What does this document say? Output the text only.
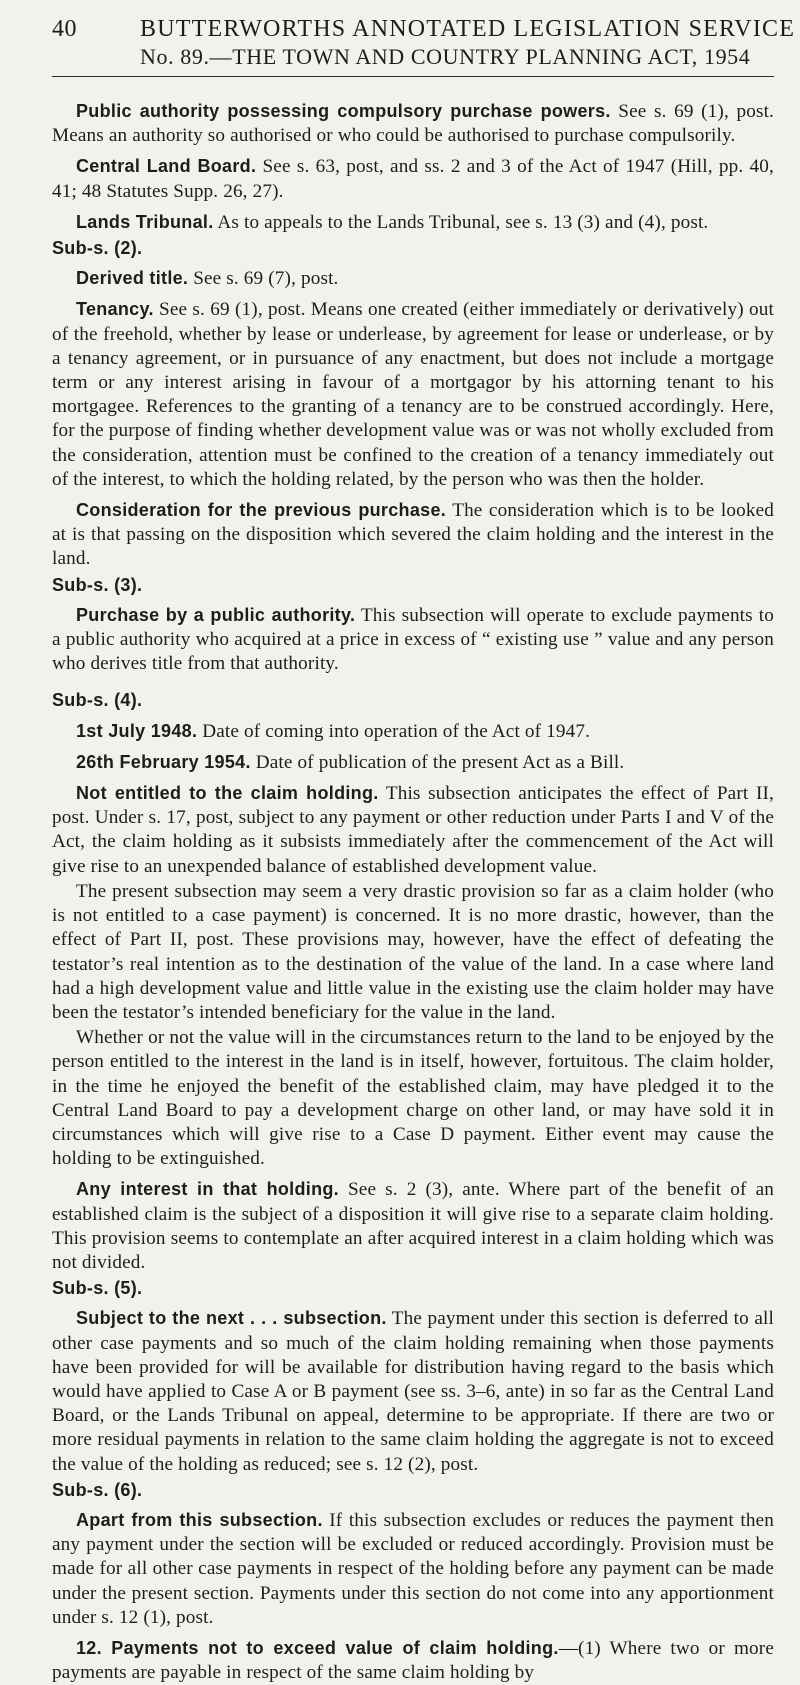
40	BUTTERWORTHS ANNOTATED LEGISLATION SERVICE
No. 89.—THE TOWN AND COUNTRY PLANNING ACT, 1954

Public authority possessing compulsory purchase powers. See s. 69 (1), post. Means an authority so authorised or who could be authorised to purchase compulsorily.

Central Land Board. See s. 63, post, and ss. 2 and 3 of the Act of 1947 (Hill, pp. 40, 41; 48 Statutes Supp. 26, 27).

Lands Tribunal. As to appeals to the Lands Tribunal, see s. 13 (3) and (4), post.

Sub-s. (2).

Derived title. See s. 69 (7), post.

Tenancy. See s. 69 (1), post. Means one created (either immediately or derivatively) out of the freehold, whether by lease or underlease, by agreement for lease or underlease, or by a tenancy agreement, or in pursuance of any enactment, but does not include a mortgage term or any interest arising in favour of a mortgagor by his attorning tenant to his mortgagee. References to the granting of a tenancy are to be construed accordingly. Here, for the purpose of finding whether development value was or was not wholly excluded from the consideration, attention must be confined to the creation of a tenancy immediately out of the interest, to which the holding related, by the person who was then the holder.

Consideration for the previous purchase. The consideration which is to be looked at is that passing on the disposition which severed the claim holding and the interest in the land.

Sub-s. (3).

Purchase by a public authority. This subsection will operate to exclude payments to a public authority who acquired at a price in excess of “ existing use ” value and any person who derives title from that authority.

Sub-s. (4).

1st July 1948. Date of coming into operation of the Act of 1947.

26th February 1954. Date of publication of the present Act as a Bill.

Not entitled to the claim holding. This subsection anticipates the effect of Part II, post. Under s. 17, post, subject to any payment or other reduction under Parts I and V of the Act, the claim holding as it subsists immediately after the commencement of the Act will give rise to an unexpended balance of established development value.

The present subsection may seem a very drastic provision so far as a claim holder (who is not entitled to a case payment) is concerned. It is no more drastic, however, than the effect of Part II, post. These provisions may, however, have the effect of defeating the testator’s real intention as to the destination of the value of the land. In a case where land had a high development value and little value in the existing use the claim holder may have been the testator’s intended beneficiary for the value in the land.

Whether or not the value will in the circumstances return to the land to be enjoyed by the person entitled to the interest in the land is in itself, however, fortuitous. The claim holder, in the time he enjoyed the benefit of the established claim, may have pledged it to the Central Land Board to pay a development charge on other land, or may have sold it in circumstances which will give rise to a Case D payment. Either event may cause the holding to be extinguished.

Any interest in that holding. See s. 2 (3), ante. Where part of the benefit of an established claim is the subject of a disposition it will give rise to a separate claim holding. This provision seems to contemplate an after acquired interest in a claim holding which was not divided.

Sub-s. (5).

Subject to the next . . . subsection. The payment under this section is deferred to all other case payments and so much of the claim holding remaining when those payments have been provided for will be available for distribution having regard to the basis which would have applied to Case A or B payment (see ss. 3–6, ante) in so far as the Central Land Board, or the Lands Tribunal on appeal, determine to be appropriate. If there are two or more residual payments in relation to the same claim holding the aggregate is not to exceed the value of the holding as reduced; see s. 12 (2), post.

Sub-s. (6).

Apart from this subsection. If this subsection excludes or reduces the payment then any payment under the section will be excluded or reduced accordingly. Provision must be made for all other case payments in respect of the holding before any payment can be made under the present section. Payments under this section do not come into any apportionment under s. 12 (1), post.

12. Payments not to exceed value of claim holding.—(1) Where two or more payments are payable in respect of the same claim holding by
